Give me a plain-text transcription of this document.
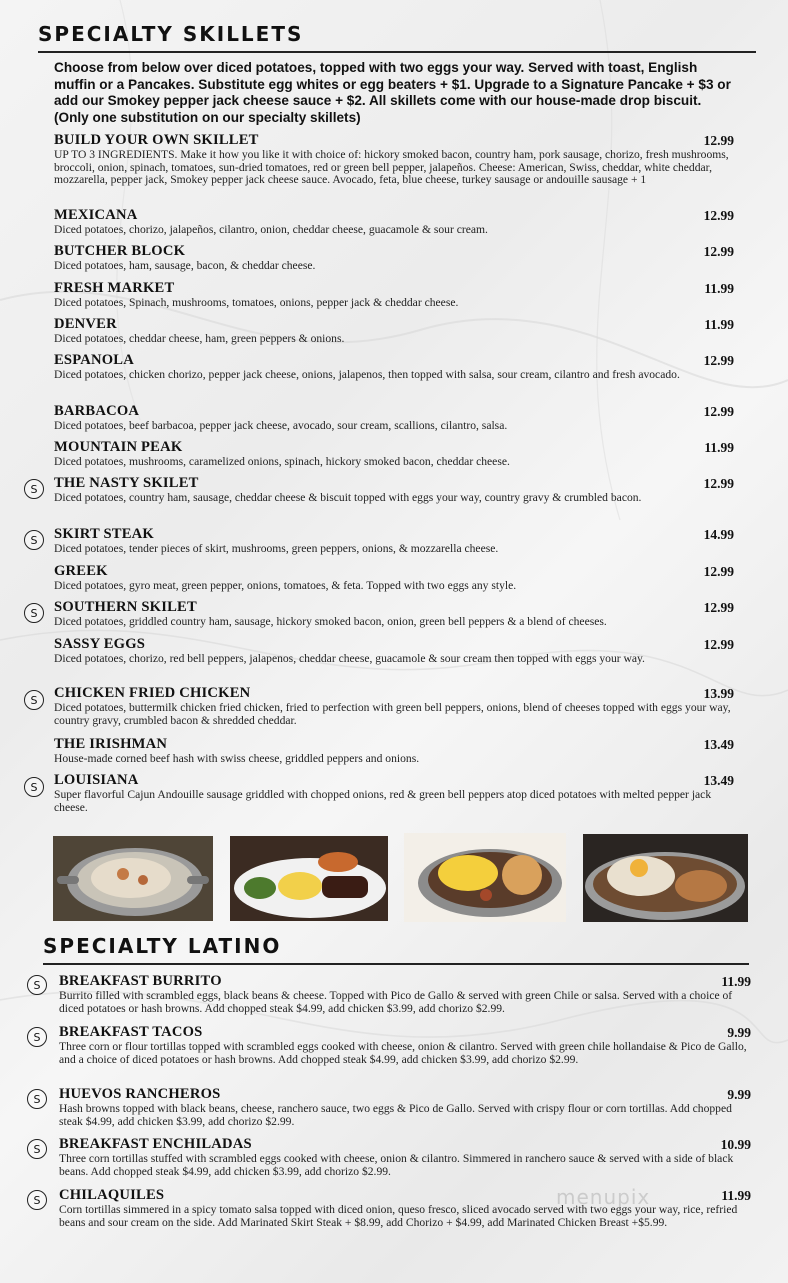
SPECIALTY SKILLETS

Choose from below over diced potatoes, topped with two eggs your way. Served with toast, English muffin or a Pancakes. Substitute egg whites or egg beaters + $1. Upgrade to a Signature Pancake + $3 or add our Smokey pepper jack cheese sauce + $2. All skillets come with our house-made drop biscuit. (Only one substitution on our specialty skillets)

BUILD YOUR OWN SKILLET	12.99
UP TO 3 INGREDIENTS. Make it how you like it with choice of: hickory smoked bacon, country ham, pork sausage, chorizo, fresh mushrooms, broccoli, onion, spinach, tomatoes, sun-dried tomatoes, red or green bell pepper, jalapeños. Cheese: American, Swiss, cheddar, white cheddar, mozzarella, pepper jack, Smokey pepper jack cheese sauce. Avocado, feta, blue cheese, turkey sausage or andouille sausage + 1
MEXICANA	12.99
Diced potatoes, chorizo, jalapeños, cilantro, onion, cheddar cheese, guacamole & sour cream.
BUTCHER BLOCK	12.99
Diced potatoes, ham, sausage, bacon, & cheddar cheese.
FRESH MARKET	11.99
Diced potatoes, Spinach, mushrooms, tomatoes, onions, pepper jack & cheddar cheese.
DENVER	11.99
Diced potatoes, cheddar cheese, ham, green peppers & onions.
ESPANOLA	12.99
Diced potatoes, chicken chorizo, pepper jack cheese, onions, jalapenos, then topped with salsa, sour cream, cilantro and fresh avocado.
BARBACOA	12.99
Diced potatoes, beef barbacoa, pepper jack cheese, avocado, sour cream, scallions, cilantro, salsa.
MOUNTAIN PEAK	11.99
Diced potatoes, mushrooms, caramelized onions, spinach, hickory smoked bacon, cheddar cheese.
S	THE NASTY SKILET	12.99
Diced potatoes, country ham, sausage, cheddar cheese & biscuit topped with eggs your way, country gravy & crumbled bacon.
S	SKIRT STEAK	14.99
Diced potatoes, tender pieces of skirt, mushrooms, green peppers, onions, & mozzarella cheese.
GREEK	12.99
Diced potatoes, gyro meat, green pepper, onions, tomatoes, & feta. Topped with two eggs any style.
S	SOUTHERN SKILET	12.99
Diced potatoes, griddled country ham, sausage, hickory smoked bacon, onion, green bell peppers & a blend of cheeses.
SASSY EGGS	12.99
Diced potatoes, chorizo, red bell peppers, jalapenos, cheddar cheese, guacamole & sour cream then topped with eggs your way.
S	CHICKEN FRIED CHICKEN	13.99
Diced potatoes, buttermilk chicken fried chicken, fried to perfection with green bell peppers, onions, blend of cheeses topped with eggs your way, country gravy, crumbled bacon & shredded cheddar.
THE IRISHMAN	13.49
House-made corned beef hash with swiss cheese, griddled peppers and onions.
S	LOUISIANA	13.49
Super flavorful Cajun Andouille sausage griddled with chopped onions, red & green bell peppers atop diced potatoes with melted pepper jack cheese.
SPECIALTY LATINO
S	BREAKFAST BURRITO	11.99
Burrito filled with scrambled eggs, black beans & cheese. Topped with Pico de Gallo & served with green Chile or salsa. Served with a choice of diced potatoes or hash browns. Add chopped steak $4.99, add chicken $3.99, add chorizo $2.99.
S	BREAKFAST TACOS	9.99
Three corn or flour tortillas topped with scrambled eggs cooked with cheese, onion & cilantro. Served with green chile hollandaise & Pico de Gallo, and a choice of diced potatoes or hash browns. Add chopped steak $4.99, add chicken $3.99, add chorizo $2.99.
S	HUEVOS RANCHEROS	9.99
Hash browns topped with black beans, cheese, ranchero sauce, two eggs & Pico de Gallo. Served with crispy flour or corn tortillas. Add chopped steak $4.99, add chicken $3.99, add chorizo $2.99.
S	BREAKFAST ENCHILADAS	10.99
Three corn tortillas stuffed with scrambled eggs cooked with cheese, onion & cilantro. Simmered in ranchero sauce & served with a side of black beans. Add chopped steak $4.99, add chicken $3.99, add chorizo $2.99.
S	CHILAQUILES	11.99
Corn tortillas simmered in a spicy tomato salsa topped with diced onion, queso fresco, sliced avocado served with two eggs your way, rice, refried beans and sour cream on the side. Add Marinated Skirt Steak + $8.99, add Chorizo + $4.99, add Marinated Chicken Breast +$5.99.
menupix
